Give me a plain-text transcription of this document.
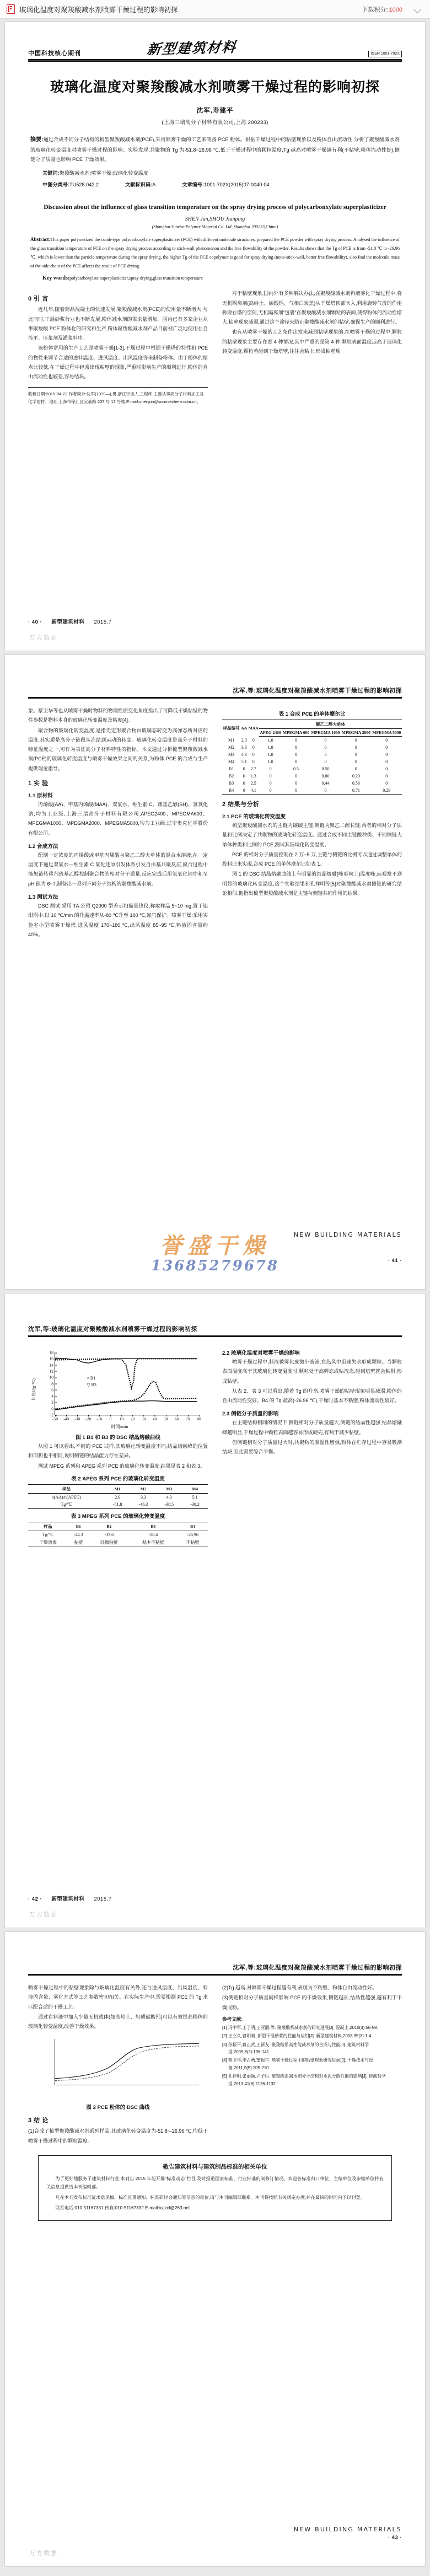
玻璃化温度对聚羧酸减水剂喷雾干燥过程的影响初探	下载积分: 1000
中国科技核心期刊	新型建筑材料	ISSN 1001-702X
玻璃化温度对聚羧酸减水剂喷雾干燥过程的影响初探
沈军,寿建平
(上海三瑞高分子材料有限公司,上海 200233)
摘要:通过合成不同分子结构的梳型聚羧酸减水剂(PCE),采用喷雾干燥的工艺来制备 PCE 粉体。根据干燥过程中的粘壁现象以及粉体自由流动性,分析了聚羧酸减水剂的玻璃化转变温度对喷雾干燥过程的影响。实验发现,共聚物的 Tg 为-51.8~26.96 ℃,低于干燥过程中的颗粒温度,Tg 越高对喷雾干燥越有利(不粘壁,粉体流动性好),侧链分子质量也影响 PCE 干燥效果。
关键词:聚羧酸减水剂;喷雾干燥;玻璃化转变温度
中图分类号:TU528.042.2	文献标识码:A	文章编号:1001-702X(2015)07-0040-04
Discussion about the influence of glass transition temperature on the spray drying process of polycarbonxylate superplasticizer
SHEN Jun,SHOU Jianping
(Shanghai Sunrise Polymer Material Co. Ltd.,Shanghai 200233,China)
Abstract:This paper polymerized the comb-type polycarboxylate superplasticizer (PCE) with different molecule structures, prepared the PCE powder with spray drying process. Analysed the influence of the glass transition temperature of PCE on the spray drying process according to stick-wall phenomenon and the free flowability of the powder. Results shows that the Tg of PCE is from -51.8 ℃ to -26.96 ℃, which is lower than the particle temperature during the spray drying, the higher Tg of the PCE copolymer is good for spray drying (none-stick-well, better free flowability), also find the molecule mass of the side chain of the PCE affects the result of PCE drying.
Key words:polycarboxylate superplasticizer,spray drying,glass transition temperature
0 引 言

近几年,随着商品混凝土的快速发展,聚羧酸减水剂(PCE)的使用量不断增大,与此同时,干混砂浆行业也不断发展,粉体减水剂的需求量增加。国内已有多家企业从事聚羧酸 PCE 粉体化的研究和生产,粉体聚羧酸减水剂产品目前被广泛地使用在自流平、压浆剂及灌浆料中。

该粉体常用的生产工艺是喷雾干燥[1-3],干燥过程中根据干燥塔的特性和 PCE 的物性来调节合适的进料温度、进风温度、出风温度等来制备粉体。由于粉体的熔点比较低,在干燥过程中经常出现粘壁的现象,严重时影响生产的顺利进行,粉体的自由流动性也较差,容易结块。

收稿日期:2015-04-22 作者简介:沈军(1979—),男,浙江宁波人,工程师,主要从事高分子材料加工及化学建材。地址:上海市徐汇区宜豪路 237 号 17 号楼,E-mail:shenjun@sunrisechem.com.cn。

对于粘壁现象,国内外有多种解决办法,在聚羧酸减水剂料液雾化干燥过程中,将无机隔离剂(高岭土、碳酸钙、气相白炭黑)从干燥塔顶部吹入,利用旋转气流的作用弥散在塔的空间,无机隔离剂“包裹”在聚羧酸减水剂颗粒的表面,使得粉体的流动性增大,粘壁现象减弱,通过这个途径来防止聚羧酸减水剂的粘壁,确保生产的顺利进行。

也有从喷雾干燥的工艺条件出发来减弱粘壁现象的,在喷雾干燥的过程中,颗粒的粘壁现象主要存在着 4 种情况,其中严重的是第 4 种:颗粒表面温度远高于玻璃化转变温度,颗粒若碰到干燥塔壁,往往会粘上,形成粘壁现

· 40 · 新型建筑材料 2015.7
万方数据
沈军,等:玻璃化温度对聚羧酸减水剂喷雾干燥过程的影响初探

象。蔡卫华等也从喷雾干燥时物料的物理性质变化角度指出了可降低干燥粘壁的物性参数是物料本身的玻璃化转变温度及粘度[4]。

聚合物的玻璃化转变温度,是指无定形聚合物由玻璃态转变为高弹态所对应的温度,其实质是高分子链段从冻结到运动的转变。玻璃化转变温度是高分子材料的特征温度之一,可作为表征高分子材料特性的指标。本文通过分析梳型聚羧酸减水剂(PCE)的玻璃化转变温度与喷雾干燥效果之间的关系,为粉体 PCE 的合成与生产提供理论指导。

1 实 验
1.1 原材料

丙烯酸(AA)、甲基丙烯酸(MAA)、双氧水、维生素 C、巯基乙醇(SH)、氢氧化钠,均为工业级,上海三瑞高分子材料有限公司;APEG2400、MPEGMA600、MPEGMA1000、MPEGMA2000、MPEGMA5000,均为工业级,辽宁奥克化学股份有限公司。

1.2 合成方法

配制一定浓度的丙烯酸或甲基丙烯酸与聚乙二醇大单体的混合水溶液,在一定温度下通过双氧水—维生素 C 氧化还原引发体系引发自由基共聚反应,聚合过程中滴加链转移剂巯基乙醇控制聚合物的相对分子质量,反应完成后用氢氧化钠中和至 pH 值为 6~7,制备出一系列不同分子结构的聚羧酸减水剂。

1.3 测试方法

DSC 测试:采用 TA 公司 Q2000 型差示扫描量热仪,称取样品 5~10 mg,置于铝坩埚中,以 10 ℃/min 的升温速率从-80 ℃升至 100 ℃,氮气保护。喷雾干燥:采用实验室小型喷雾干燥塔,进风温度 170~180 ℃,出风温度 85~95 ℃,料液固含量约 40%。

表 1 合成 PCE 的单体摩尔比
样品编号	AA	MAA	聚乙二醇大单体				
			APEG 2400	MPEGMA 600	MPEGMA 1000	MPEGMA 2000	MPEGMA 5000
M1	2.0	0	1.0	0	0	0	0
M2	3.3	0	1.0	0	0	0	0
M3	4.3	0	1.0	0	0	0	0
M4	5.1	0	1.0	0	0	0	0
B1	0	2.7	0	0.5	0.50	0	0
B2	0	1.3	0	0	0.80	0.20	0
B3	0	2.5	0	0	0.44	0.56	0
B4	0	4.1	0	0	0	0.71	0.29
2 结果与分析
2.1 PCE 的玻璃化转变温度

梳型聚羧酸减水剂的主链为碳碳主链,侧链为聚乙二醇长链,两者的相对分子质量和比例决定了共聚物的玻璃化转变温度。通过合成不同主链酸种类、不同侧链大单体种类和比例的 PCE,测试其玻璃化转变温度。

PCE 的相对分子质量控制在 2 万~5 万,主链与侧链的比例可以通过调整单体的投料比来实现,合成 PCE 的单体摩尔比如表 1。

图 1 的 DSC 结晶熔融曲线上有明显的结晶熔融(峰形向上)温度峰,而观察不到明显的玻璃化转变温度,这个实验结果和孔祥明等[5]对聚羧酸减水剂侧链的研究结论相似,他指出梳型聚羧酸减水剂是主链与侧链共同作用的结果。

NEW BUILDING MATERIALS
誉盛干燥
13685279678	· 41 ·
沈军,等:玻璃化温度对聚羧酸减水剂喷雾干燥过程的影响初探
比热J/(g·℃)
× B1
▽ B3
-2
0
2
4
6
8
10
12
14
16
18
-50 -40 -30 -20 -10 0 10 20 30 40 50 60 70 80
时间/min
图 1 B1 和 B3 的 DSC 结晶熔融曲线

从图 1 可以看出,不同的 PCE 试样,其玻璃化转变温度不同,结晶熔融峰的位置和面积也不相同,说明侧链的结晶能力存在差异。

测试 MPEG 系列和 APEG 系列 PCE 的玻璃化转变温度,结果见表 2 和表 3。

表 2 APEG 系列 PCE 的玻璃化转变温度
样品	M1	M2	M3	M4
n(AA)/n(APEG)	2.0	3.3	4.3	5.1
Tg/℃	-51.8	-46.3	-38.5	-30.2
表 3 MPEG 系列 PCE 的玻璃化转变温度
样品	B1	B2	B3	B4
Tg/℃	-44.3	-33.6	-28.4	-26.96
干燥效果	粘壁	轻微粘壁	基本不粘壁	不粘壁
2.2 玻璃化温度对喷雾干燥的影响

喷雾干燥过程中,料液被雾化成微小液滴,在热风中迅速失水形成颗粒。当颗粒表面温度高于其玻璃化转变温度时,颗粒处于高弹态或粘流态,碰到塔壁就会粘附,形成粘壁。

从表 2、表 3 可以看出,随着 Tg 的升高,喷雾干燥的粘壁现象明显减弱,粉体的自由流动性变好。B4 的 Tg 最高(-26.96 ℃),干燥时基本不粘壁,粉体流动性最好。

2.3 侧链分子质量的影响

在主链结构相同的情况下,侧链相对分子质量越大,侧链的结晶性越强,结晶熔融峰越明显,干燥过程中颗粒表面越容易形成硬壳,有利于减少粘壁。

但侧链相对分子质量过大时,共聚物的吸湿性增强,粉体在贮存过程中容易吸潮结块,因此需要综合平衡。

· 42 · 新型建筑材料 2015.7
万方数据
沈军,等:玻璃化温度对聚羧酸减水剂喷雾干燥过程的影响初探

喷雾干燥过程中的粘壁现象除与玻璃化温度有关外,还与进风温度、出风温度、料液固含量、雾化方式等工艺参数密切相关。在实际生产中,需要根据 PCE 的 Tg 来匹配合适的干燥工艺。

通过在料液中加入少量无机载体(如高岭土、轻质碳酸钙)可以有效提高粉体的玻璃化转变温度,改善干燥效果。

图 2 PCE 粉体的 DSC 曲线
3 结 论

(1)合成了梳型聚羧酸减水剂系列样品,其玻璃化转变温度为-51.8~-26.96 ℃,均低于喷雾干燥过程中的颗粒温度。

(2)Tg 越高,对喷雾干燥过程越有利,表现为不粘壁、粉体自由流动性好。

(3)侧链相对分子质量同样影响 PCE 的干燥效果,侧链越长,结晶性越强,越有利于干燥成粉。

参考文献:
[1] 冯中军,王子明,王亚丽,等. 聚羧酸系减水剂的研究进展[J]. 混凝土,2010(4):56-59.
[2] 王立久,曹明莉. 新型干混砂浆的性能与应用[J]. 新型建筑材料,2008,35(3):1-4.
[3] 孙振平,蒋正武,王新友. 聚羧酸系高性能减水剂的合成与性能[J]. 建筑材料学报,2005,8(2):136-141.
[4] 蔡卫华,李占勇,窦振宇. 喷雾干燥过程中的粘壁现象研究进展[J]. 干燥技术与设备,2011,9(5):205-210.
[5] 孔祥明,张丽颖,卢子臣. 聚羧酸系减水剂分子结构对水泥分散性能的影响[J]. 硅酸盐学报,2013,41(8):1126-1132.
敬告建筑材料与建筑制品标准的相关单位

为了更好地服务于建筑材料行业,本刊自 2015 年起开辟“标准动态”栏目,及时报道国家标准、行业标准的制修订情况。欢迎各标准归口单位、主编单位及参编单位将有关信息提供给本刊编辑部。

凡在本刊发布标准征求意见稿、标准宣贯通知、标准研讨会通知等信息的单位,请与本刊编辑部联系。本刊将按照有关规定办理,并在最快的时间内予以刊登。

联系电话:010-51167331 传真:010-51167332 E-mail:xxjzcl@263.net

NEW BUILDING MATERIALS
· 43 ·
万方数据
